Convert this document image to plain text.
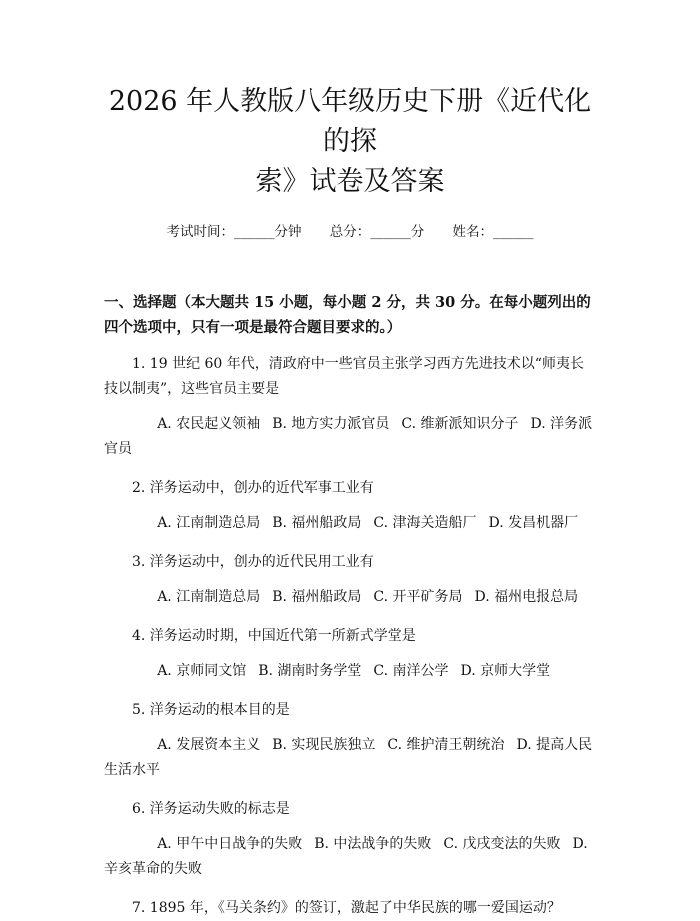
2026 年人教版八年级历史下册《近代化的探
索》试卷及答案
考试时间：______分钟 总分：______分 姓名：______
一、选择题（本大题共 15 小题，每小题 2 分，共 30 分。在每小题列出的四个选项中，只有一项是最符合题目要求的。）
1. 19 世纪 60 年代，清政府中一些官员主张学习西方先进技术以“师夷长技以制夷”，这些官员主要是
A. 农民起义领袖 B. 地方实力派官员 C. 维新派知识分子 D. 洋务派官员
2. 洋务运动中，创办的近代军事工业有
A. 江南制造总局 B. 福州船政局 C. 津海关造船厂 D. 发昌机器厂
3. 洋务运动中，创办的近代民用工业有
A. 江南制造总局 B. 福州船政局 C. 开平矿务局 D. 福州电报总局
4. 洋务运动时期，中国近代第一所新式学堂是
A. 京师同文馆 B. 湖南时务学堂 C. 南洋公学 D. 京师大学堂
5. 洋务运动的根本目的是
A. 发展资本主义 B. 实现民族独立 C. 维护清王朝统治 D. 提高人民生活水平
6. 洋务运动失败的标志是
A. 甲午中日战争的失败 B. 中法战争的失败 C. 戊戌变法的失败 D. 辛亥革命的失败
7. 1895 年，《马关条约》的签订，激起了中华民族的哪一爱国运动？
